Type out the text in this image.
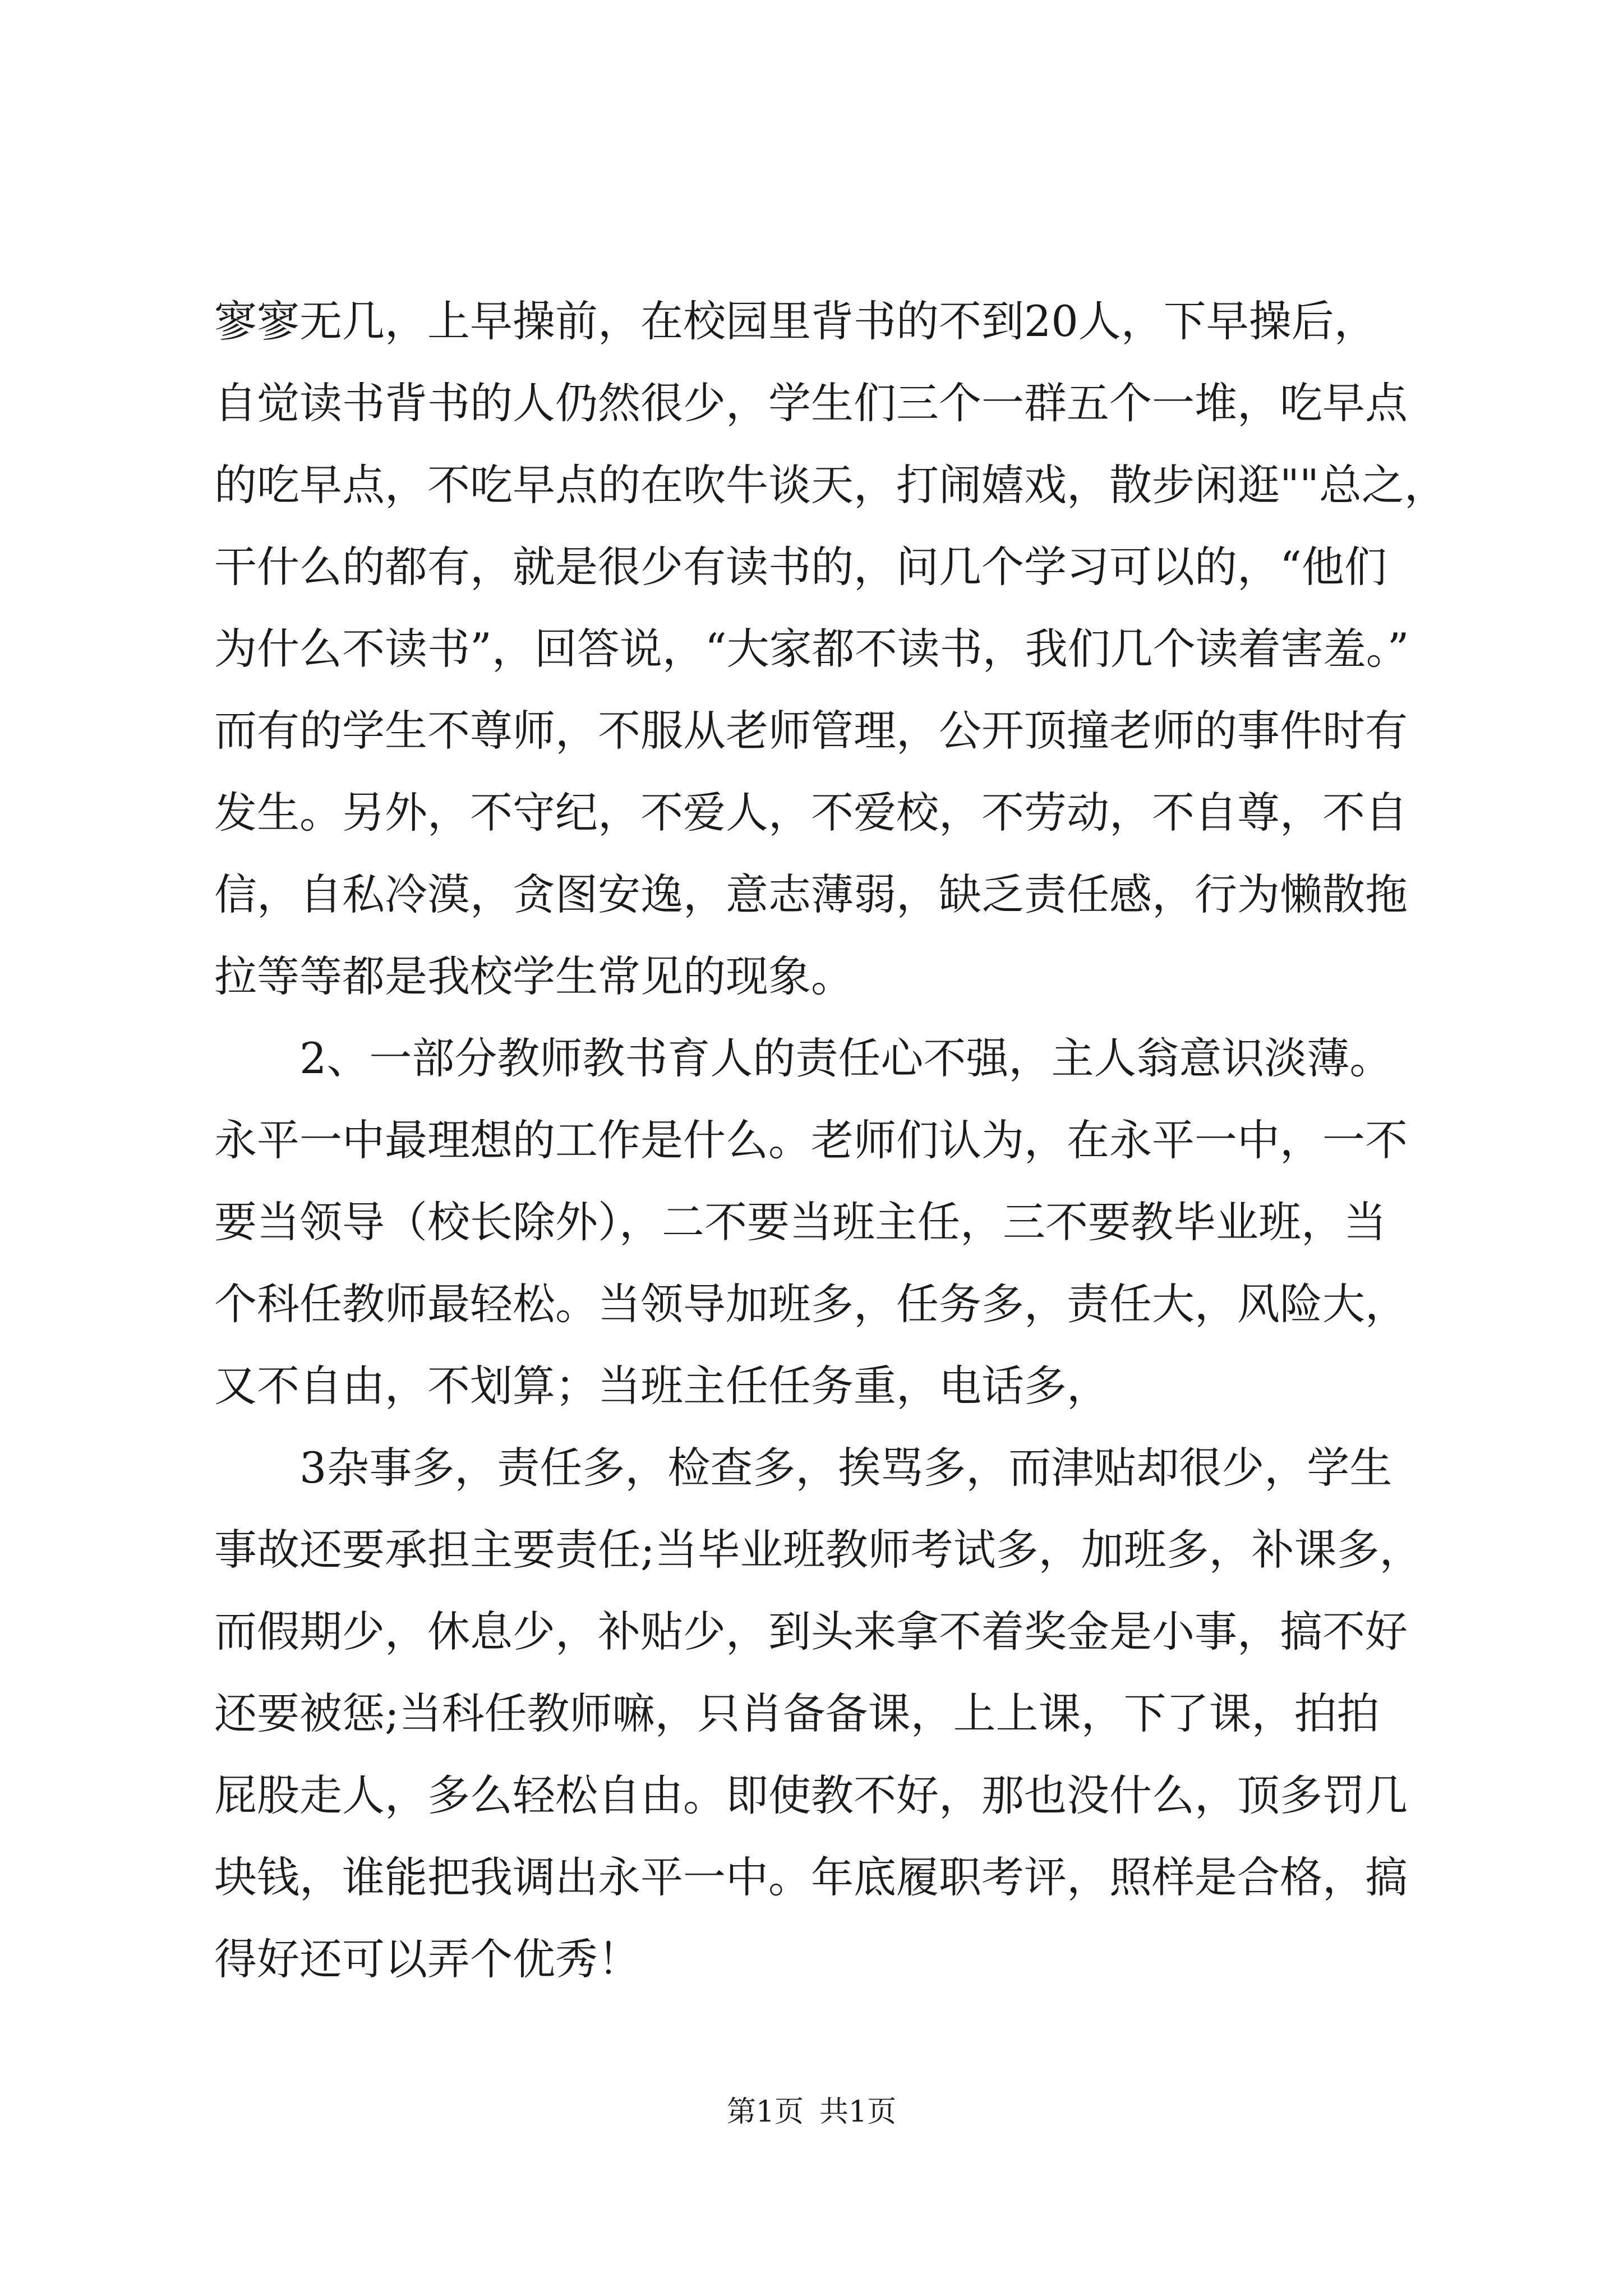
寥寥无几，上早操前，在校园里背书的不到20人，下早操后，
自觉读书背书的人仍然很少，学生们三个一群五个一堆，吃早点
的吃早点，不吃早点的在吹牛谈天，打闹嬉戏，散步闲逛""总之，
干什么的都有，就是很少有读书的，问几个学习可以的，“他们
为什么不读书”，回答说，“大家都不读书，我们几个读着害羞。”
而有的学生不尊师，不服从老师管理，公开顶撞老师的事件时有
发生。另外，不守纪，不爱人，不爱校，不劳动，不自尊，不自
信，自私冷漠，贪图安逸，意志薄弱，缺乏责任感，行为懒散拖
拉等等都是我校学生常见的现象。
2、一部分教师教书育人的责任心不强，主人翁意识淡薄。
永平一中最理想的工作是什么。老师们认为，在永平一中，一不
要当领导（校长除外），二不要当班主任，三不要教毕业班，当
个科任教师最轻松。当领导加班多，任务多，责任大，风险大，
又不自由，不划算；当班主任任务重，电话多，
3杂事多，责任多，检查多，挨骂多，而津贴却很少，学生
事故还要承担主要责任;当毕业班教师考试多，加班多，补课多，
而假期少，休息少，补贴少，到头来拿不着奖金是小事，搞不好
还要被惩;当科任教师嘛，只肖备备课，上上课，下了课，拍拍
屁股走人，多么轻松自由。即使教不好，那也没什么，顶多罚几
块钱，谁能把我调出永平一中。年底履职考评，照样是合格，搞
得好还可以弄个优秀！
第1页 共1页
